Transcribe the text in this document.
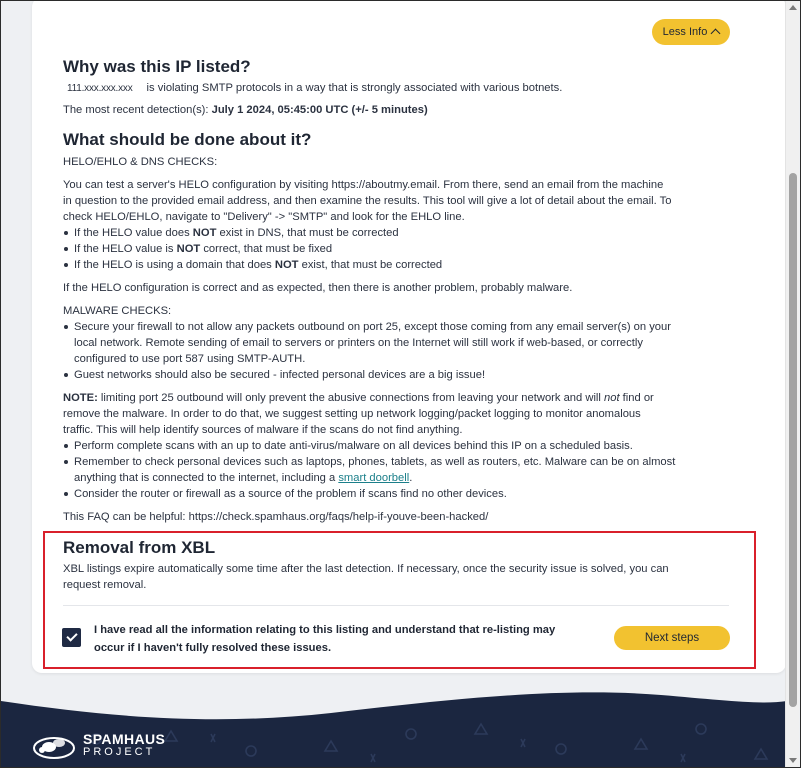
Less Info
Why was this IP listed?
111.xxx.xxx.xxx is violating SMTP protocols in a way that is strongly associated with various botnets.
The most recent detection(s): July 1 2024, 05:45:00 UTC (+/- 5 minutes)
What should be done about it?
HELO/EHLO & DNS CHECKS:
You can test a server's HELO configuration by visiting https://aboutmy.email. From there, send an email from the machine
in question to the provided email address, and then examine the results. This tool will give a lot of detail about the email. To
check HELO/EHLO, navigate to "Delivery" -> "SMTP" and look for the EHLO line.
If the HELO value does NOT exist in DNS, that must be corrected
If the HELO value is NOT correct, that must be fixed
If the HELO is using a domain that does NOT exist, that must be corrected
If the HELO configuration is correct and as expected, then there is another problem, probably malware.
MALWARE CHECKS:
Secure your firewall to not allow any packets outbound on port 25, except those coming from any email server(s) on your
local network. Remote sending of email to servers or printers on the Internet will still work if web-based, or correctly
configured to use port 587 using SMTP-AUTH.
Guest networks should also be secured - infected personal devices are a big issue!
NOTE: limiting port 25 outbound will only prevent the abusive connections from leaving your network and will not find or
remove the malware. In order to do that, we suggest setting up network logging/packet logging to monitor anomalous
traffic. This will help identify sources of malware if the scans do not find anything.
Perform complete scans with an up to date anti-virus/malware on all devices behind this IP on a scheduled basis.
Remember to check personal devices such as laptops, phones, tablets, as well as routers, etc. Malware can be on almost
anything that is connected to the internet, including a smart doorbell.
Consider the router or firewall as a source of the problem if scans find no other devices.
This FAQ can be helpful: https://check.spamhaus.org/faqs/help-if-youve-been-hacked/
Removal from XBL
XBL listings expire automatically some time after the last detection. If necessary, once the security issue is solved, you can
request removal.
I have read all the information relating to this listing and understand that re-listing may
occur if I haven't fully resolved these issues.
Next steps
SPAMHAUS
PROJECT
